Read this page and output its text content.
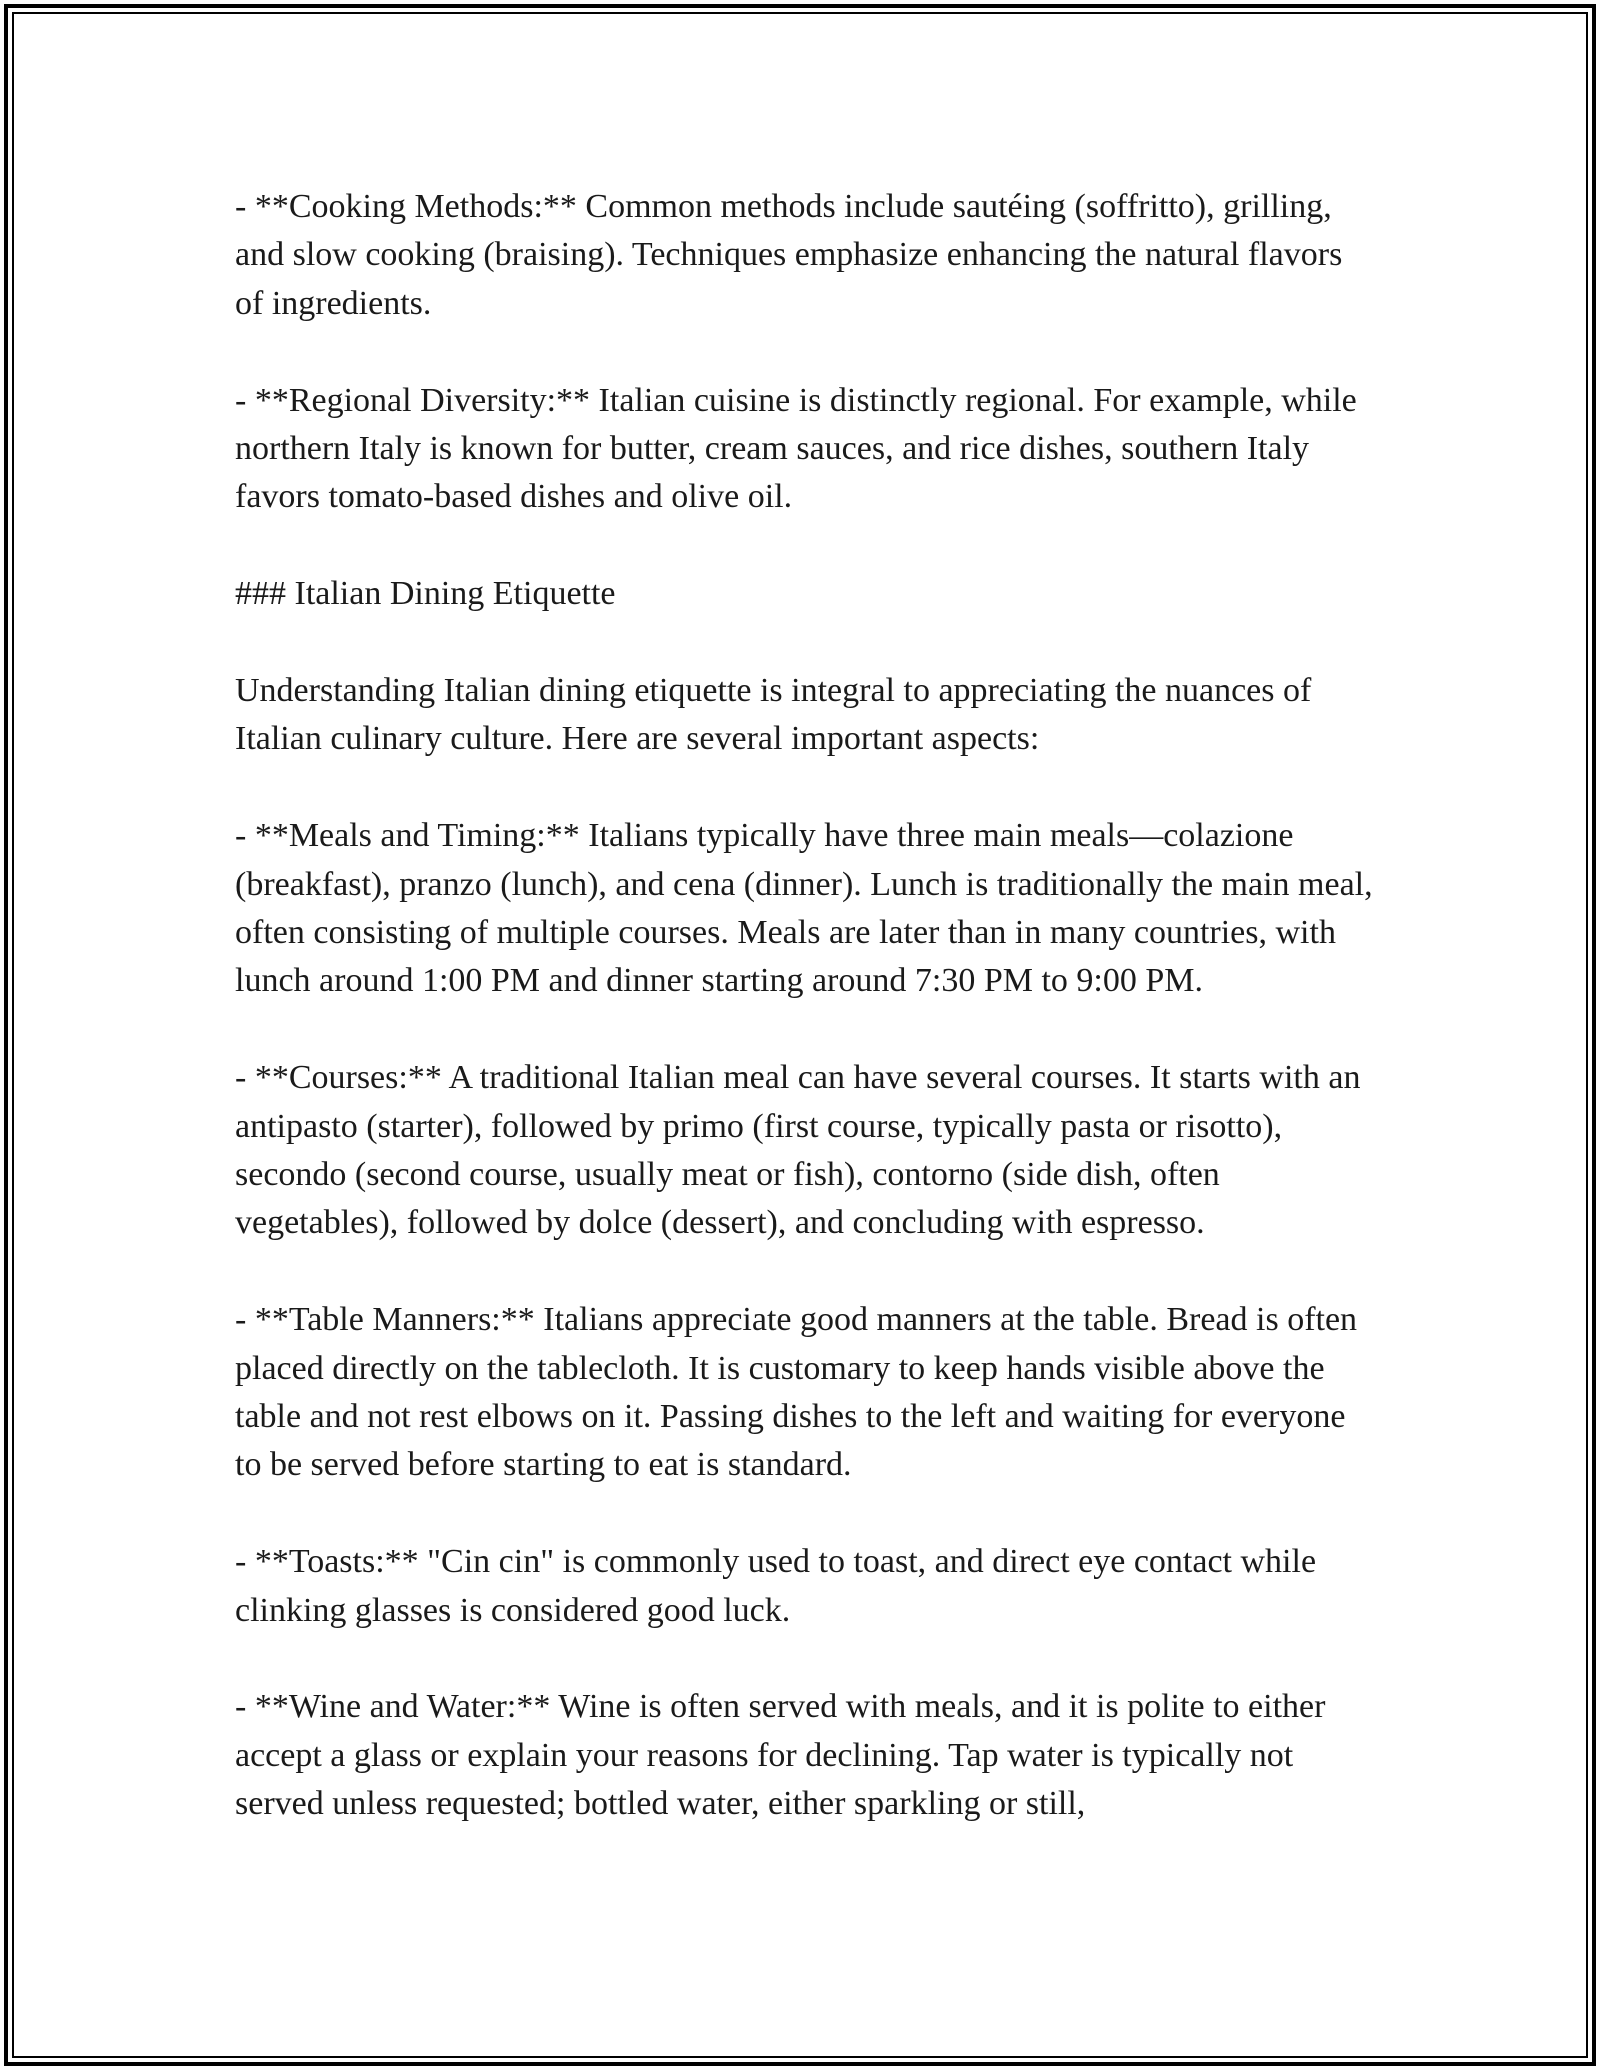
- **Cooking Methods:** Common methods include sautéing (soffritto), grilling, and slow cooking (braising). Techniques emphasize enhancing the natural flavors of ingredients.

- **Regional Diversity:** Italian cuisine is distinctly regional. For example, while northern Italy is known for butter, cream sauces, and rice dishes, southern Italy favors tomato-based dishes and olive oil.

### Italian Dining Etiquette

Understanding Italian dining etiquette is integral to appreciating the nuances of Italian culinary culture. Here are several important aspects:

- **Meals and Timing:** Italians typically have three main meals—colazione (breakfast), pranzo (lunch), and cena (dinner). Lunch is traditionally the main meal, often consisting of multiple courses. Meals are later than in many countries, with lunch around 1:00 PM and dinner starting around 7:30 PM to 9:00 PM.

- **Courses:** A traditional Italian meal can have several courses. It starts with an antipasto (starter), followed by primo (first course, typically pasta or risotto), secondo (second course, usually meat or fish), contorno (side dish, often vegetables), followed by dolce (dessert), and concluding with espresso.

- **Table Manners:** Italians appreciate good manners at the table. Bread is often placed directly on the tablecloth. It is customary to keep hands visible above the table and not rest elbows on it. Passing dishes to the left and waiting for everyone to be served before starting to eat is standard.

- **Toasts:** "Cin cin" is commonly used to toast, and direct eye contact while clinking glasses is considered good luck.

- **Wine and Water:** Wine is often served with meals, and it is polite to either accept a glass or explain your reasons for declining. Tap water is typically not served unless requested; bottled water, either sparkling or still,
